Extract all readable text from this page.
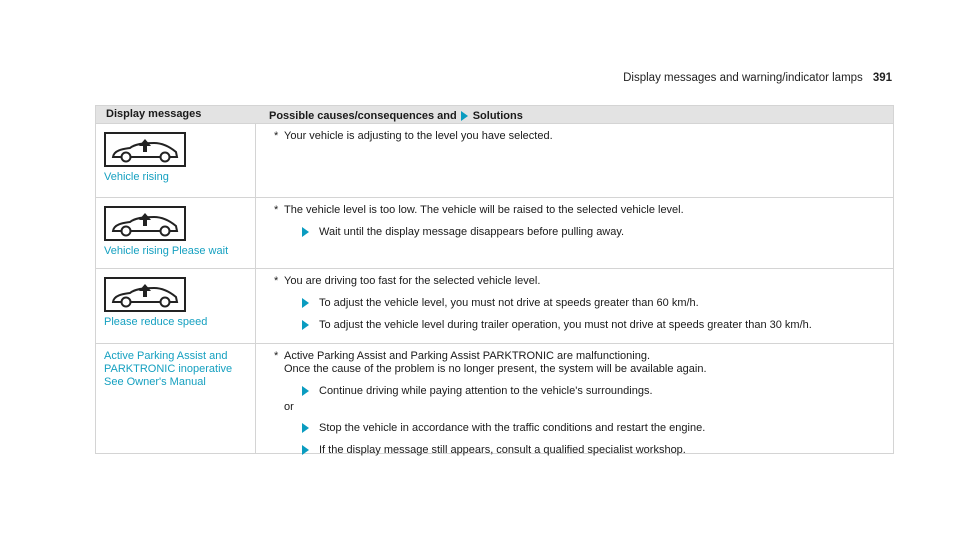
Display messages and warning/indicator lamps 391
Display messages	Possible causes/consequences and Solutions
Vehicle rising
* Your vehicle is adjusting to the level you have selected.
Vehicle rising Please wait
* The vehicle level is too low. The vehicle will be raised to the selected vehicle level.
Wait until the display message disappears before pulling away.
Please reduce speed
* You are driving too fast for the selected vehicle level.
To adjust the vehicle level, you must not drive at speeds greater than 60 km/h.
To adjust the vehicle level during trailer operation, you must not drive at speeds greater than 30 km/h.
Active Parking Assist and
PARKTRONIC inoperative
See Owner's Manual
* Active Parking Assist and Parking Assist PARKTRONIC are malfunctioning.
Once the cause of the problem is no longer present, the system will be available again.
Continue driving while paying attention to the vehicle's surroundings.
or
Stop the vehicle in accordance with the traffic conditions and restart the engine.
If the display message still appears, consult a qualified specialist workshop.
